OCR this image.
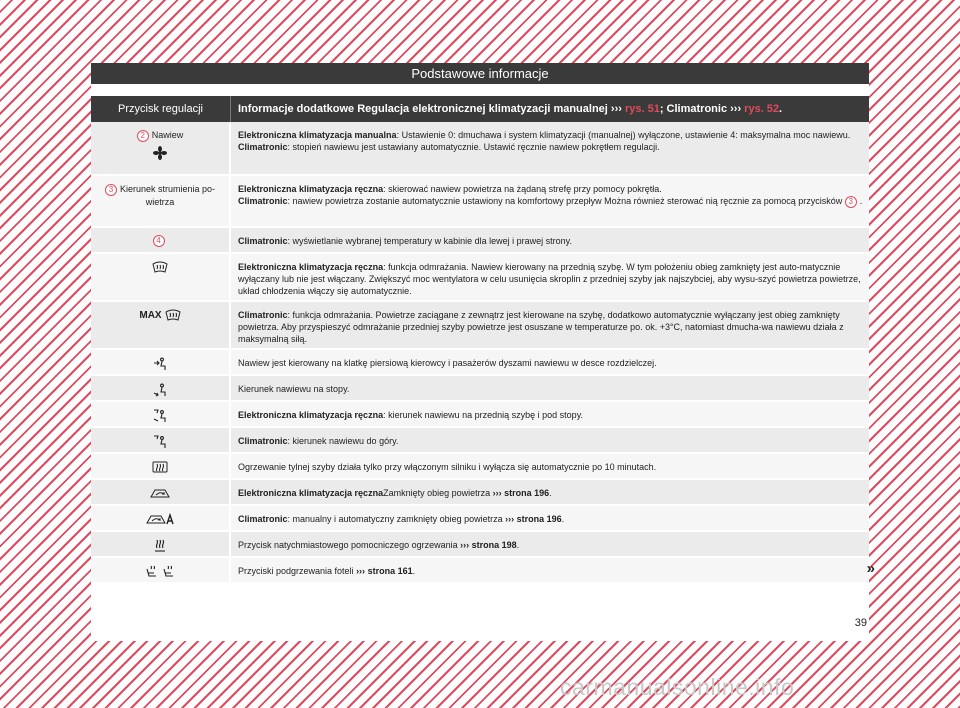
Podstawowe informacje
Przycisk regulacji	Informacje dodatkowe Regulacja elektronicznej klimatyzacji manualnej ››› rys. 51; Climatronic ››› rys. 52.
2 Nawiew	Elektroniczna klimatyzacja manualna: Ustawienie 0: dmuchawa i system klimatyzacji (manualnej) wyłączone, ustawienie 4: maksymalna moc nawiewu.
Climatronic: stopień nawiewu jest ustawiany automatycznie. Ustawić ręcznie nawiew pokrętłem regulacji.
3 Kierunek strumienia po-wietrza
Elektroniczna klimatyzacja ręczna: skierować nawiew powietrza na żądaną strefę przy pomocy pokrętła.
Climatronic: nawiew powietrza zostanie automatycznie ustawiony na komfortowy przepływ Można również sterować nią ręcznie za pomocą przycisków 3 .
4	Climatronic: wyświetlanie wybranej temperatury w kabinie dla lewej i prawej strony.
Elektroniczna klimatyzacja ręczna: funkcja odmrażania. Nawiew kierowany na przednią szybę. W tym położeniu obieg zamknięty jest auto-matycznie wyłączany lub nie jest włączany. Zwiększyć moc wentylatora w celu usunięcia skroplin z przedniej szyby jak najszybciej, aby wysu-szyć powietrza powietrze, układ chłodzenia włączy się automatycznie.
MAX	Climatronic: funkcja odmrażania. Powietrze zaciągane z zewnątrz jest kierowane na szybę, dodatkowo automatycznie wyłączany jest obieg zamknięty powietrza. Aby przyspieszyć odmrażanie przedniej szyby powietrze jest osuszane w temperaturze po. ok. +3°C, natomiast dmucha-wa nawiewu działa z maksymalną siłą.
Nawiew jest kierowany na klatkę piersiową kierowcy i pasażerów dyszami nawiewu w desce rozdzielczej.
Kierunek nawiewu na stopy.
Elektroniczna klimatyzacja ręczna: kierunek nawiewu na przednią szybę i pod stopy.
Climatronic: kierunek nawiewu do góry.
Ogrzewanie tylnej szyby działa tylko przy włączonym silniku i wyłącza się automatycznie po 10 minutach.
Elektroniczna klimatyzacja ręcznaZamknięty obieg powietrza ››› strona 196.
Climatronic: manualny i automatyczny zamknięty obieg powietrza ››› strona 196.
Przycisk natychmiastowego pomocniczego ogrzewania ››› strona 198.
Przyciski podgrzewania foteli ››› strona 161.	»
39
carmanualsonline.info
